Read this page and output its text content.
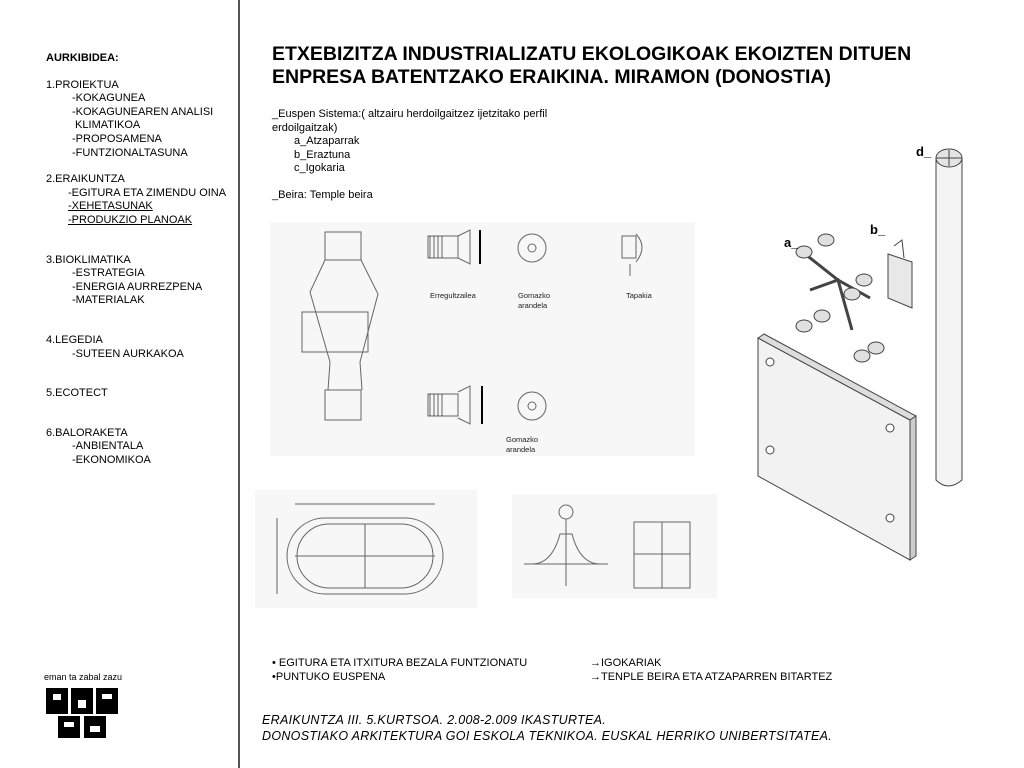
AURKIBIDEA:
1.PROIEKTUA
-KOKAGUNEA
-KOKAGUNEAREN ANALISI
KLIMATIKOA
-PROPOSAMENA
-FUNTZIONALTASUNA
2.ERAIKUNTZA
-EGITURA ETA ZIMENDU OINA
-XEHETASUNAK
-PRODUKZIO PLANOAK
3.BIOKLIMATIKA
-ESTRATEGIA
-ENERGIA AURREZPENA
-MATERIALAK
4.LEGEDIA
-SUTEEN AURKAKOA
5.ECOTECT
6.BALORAKETA
-ANBIENTALA
-EKONOMIKOA
eman ta zabal zazu
ETXEBIZITZA INDUSTRIALIZATU EKOLOGIKOAK EKOIZTEN DITUEN
ENPRESA BATENTZAKO ERAIKINA. MIRAMON (DONOSTIA)
_Euspen Sistema:( altzairu herdoilgaitzez ijetzitako perfil
erdoilgaitzak)
a_Atzaparrak
b_Eraztuna
c_Igokaria
_Beira: Temple beira
Erregultzailea	Gomazko
arandela
Tapakia
Gomazko
arandela
a_
b_
d_
• EGITURA ETA ITXITURA BEZALA FUNTZIONATU	→IGOKARIAK
•PUNTUKO EUSPENA	→TENPLE BEIRA ETA ATZAPARREN BITARTEZ
ERAIKUNTZA III. 5.KURTSOA. 2.008-2.009 IKASTURTEA.
DONOSTIAKO ARKITEKTURA GOI ESKOLA TEKNIKOA. EUSKAL HERRIKO UNIBERTSITATEA.
